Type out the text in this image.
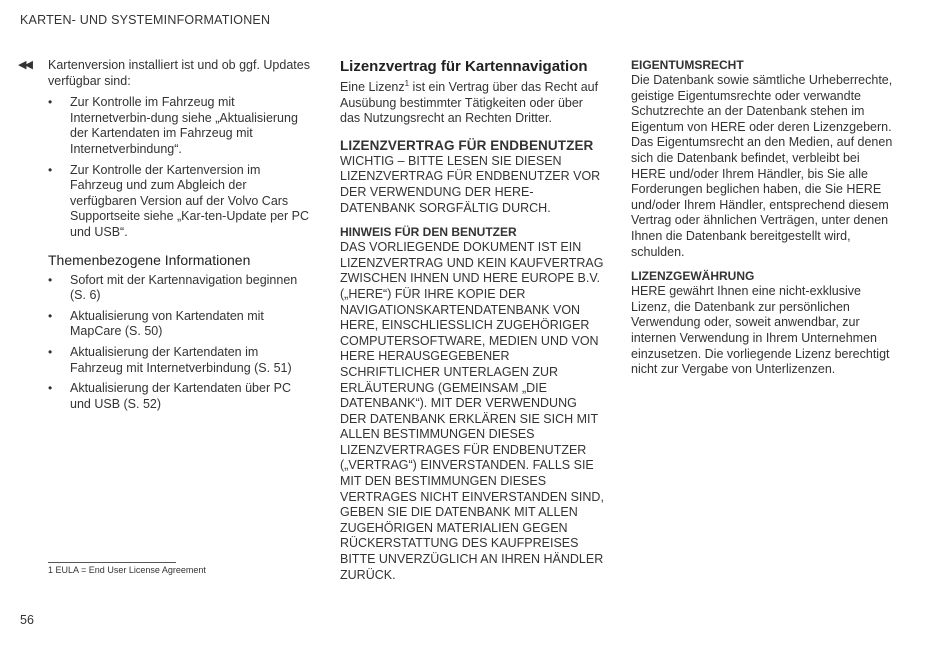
KARTEN- UND SYSTEMINFORMATIONEN
◀◀ Kartenversion installiert ist und ob ggf. Updates verfügbar sind:

• Zur Kontrolle im Fahrzeug mit Internetverbin-dung siehe „Aktualisierung der Kartendaten im Fahrzeug mit Internetverbindung“.
• Zur Kontrolle der Kartenversion im Fahrzeug und zum Abgleich der verfügbaren Version auf der Volvo Cars Supportseite siehe „Kar-ten-Update per PC und USB“.
Themenbezogene Informationen
• Sofort mit der Kartennavigation beginnen (S. 6)
• Aktualisierung von Kartendaten mit MapCare (S. 50)
• Aktualisierung der Kartendaten im Fahrzeug mit Internetverbindung (S. 51)
• Aktualisierung der Kartendaten über PC und USB (S. 52)
Lizenzvertrag für Kartennavigation

Eine Lizenz$^1$ ist ein Vertrag über das Recht auf Ausübung bestimmter Tätigkeiten oder über das Nutzungsrecht an Rechten Dritter.

LIZENZVERTRAG FÜR ENDBENUTZER

WICHTIG – BITTE LESEN SIE DIESEN LIZENZVERTRAG FÜR ENDBENUTZER VOR DER VERWENDUNG DER HERE-DATENBANK SORGFÄLTIG DURCH.

HINWEIS FÜR DEN BENUTZER

DAS VORLIEGENDE DOKUMENT IST EIN LIZENZVERTRAG UND KEIN KAUFVERTRAG ZWISCHEN IHNEN UND HERE EUROPE B.V. („HERE“) FÜR IHRE KOPIE DER NAVIGATIONSKARTENDATENBANK VON HERE, EINSCHLIESSLICH ZUGEHÖRIGER COMPUTERSOFTWARE, MEDIEN UND VON HERE HERAUSGEGEBENER SCHRIFTLICHER UNTERLAGEN ZUR ERLÄUTERUNG (GEMEINSAM „DIE DATENBANK“). MIT DER VERWENDUNG DER DATENBANK ERKLÄREN SIE SICH MIT ALLEN BESTIMMUNGEN DIESES LIZENZVERTRAGES FÜR ENDBENUTZER („VERTRAG“) EINVERSTANDEN. FALLS SIE MIT DEN BESTIMMUNGEN DIESES VERTRAGES NICHT EINVERSTANDEN SIND, GEBEN SIE DIE DATENBANK MIT ALLEN ZUGEHÖRIGEN MATERIALIEN GEGEN RÜCKERSTATTUNG DES KAUFPREISES BITTE UNVERZÜGLICH AN IHREN HÄNDLER ZURÜCK.

EIGENTUMSRECHT

Die Datenbank sowie sämtliche Urheberrechte, geistige Eigentumsrechte oder verwandte Schutzrechte an der Datenbank stehen im Eigentum von HERE oder deren Lizenzgebern. Das Eigentumsrecht an den Medien, auf denen sich die Datenbank befindet, verbleibt bei HERE und/oder Ihrem Händler, bis Sie alle Forderungen beglichen haben, die Sie HERE und/oder Ihrem Händler, entsprechend diesem Vertrag oder ähnlichen Verträgen, unter denen Ihnen die Datenbank bereitgestellt wird, schulden.

LIZENZGEWÄHRUNG

HERE gewährt Ihnen eine nicht-exklusive Lizenz, die Datenbank zur persönlichen Verwendung oder, soweit anwendbar, zur internen Verwendung in Ihrem Unternehmen einzusetzen. Die vorliegende Lizenz berechtigt nicht zur Vergabe von Unterlizenzen.

1 EULA = End User License Agreement
56
